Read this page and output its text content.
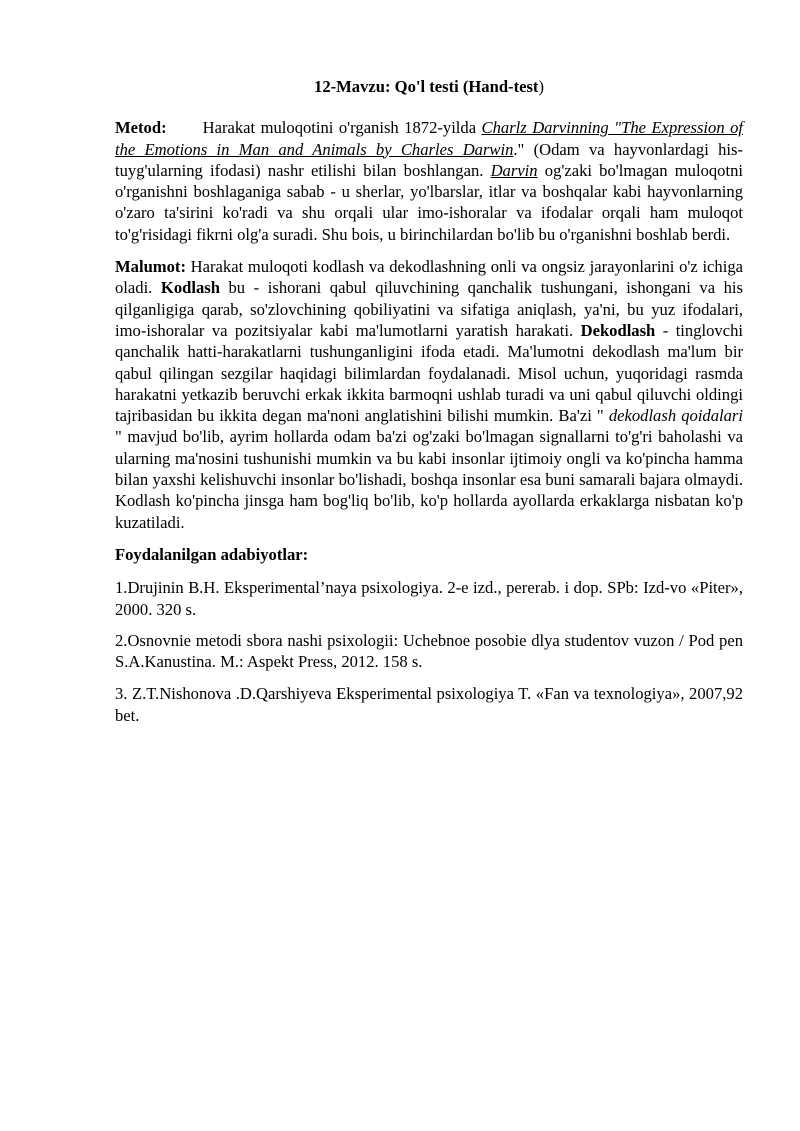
12-Mavzu: Qo'l testi (Hand-test)

Metod: Harakat muloqotini o'rganish 1872-yilda Charlz Darvinning "The Expression of the Emotions in Man and Animals by Charles Darwin." (Odam va hayvonlardagi his-tuyg'ularning ifodasi) nashr etilishi bilan boshlangan. Darvin og'zaki bo'lmagan muloqotni o'rganishni boshlaganiga sabab - u sherlar, yo'lbarslar, itlar va boshqalar kabi hayvonlarning o'zaro ta'sirini ko'radi va shu orqali ular imo-ishoralar va ifodalar orqali ham muloqot to'g'risidagi fikrni olg'a suradi. Shu bois, u birinchilardan bo'lib bu o'rganishni boshlab berdi.

Malumot: Harakat muloqoti kodlash va dekodlashning onli va ongsiz jarayonlarini o'z ichiga oladi. Kodlash bu - ishorani qabul qiluvchining qanchalik tushungani, ishongani va his qilganligiga qarab, so'zlovchining qobiliyatini va sifatiga aniqlash, ya'ni, bu yuz ifodalari, imo-ishoralar va pozitsiyalar kabi ma'lumotlarni yaratish harakati. Dekodlash - tinglovchi qanchalik hatti-harakatlarni tushunganligini ifoda etadi. Ma'lumotni dekodlash ma'lum bir qabul qilingan sezgilar haqidagi bilimlardan foydalanadi. Misol uchun, yuqoridagi rasmda harakatni yetkazib beruvchi erkak ikkita barmoqni ushlab turadi va uni qabul qiluvchi oldingi tajribasidan bu ikkita degan ma'noni anglatishini bilishi mumkin. Ba'zi " dekodlash qoidalari " mavjud bo'lib, ayrim hollarda odam ba'zi og'zaki bo'lmagan signallarni to'g'ri baholashi va ularning ma'nosini tushunishi mumkin va bu kabi insonlar ijtimoiy ongli va ko'pincha hamma bilan yaxshi kelishuvchi insonlar bo'lishadi, boshqa insonlar esa buni samarali bajara olmaydi. Kodlash ko'pincha jinsga ham bog'liq bo'lib, ko'p hollarda ayollarda erkaklarga nisbatan ko'p kuzatiladi.

Foydalanilgan adabiyotlar:

1.Drujinin B.H. Eksperimental’naya psixologiya. 2-e izd., pererab. i dop. SPb: Izd-vo «Piter», 2000. 320 s.

2.Osnovnie metodi sbora nashi psixologii: Uchebnoe posobie dlya studentov vuzon / Pod pen S.A.Kanustina. M.: Aspekt Press, 2012. 158 s.

3. Z.T.Nishonova .D.Qarshiyeva Eksperimental psixologiya T. «Fan va texnologiya», 2007,92 bet.
